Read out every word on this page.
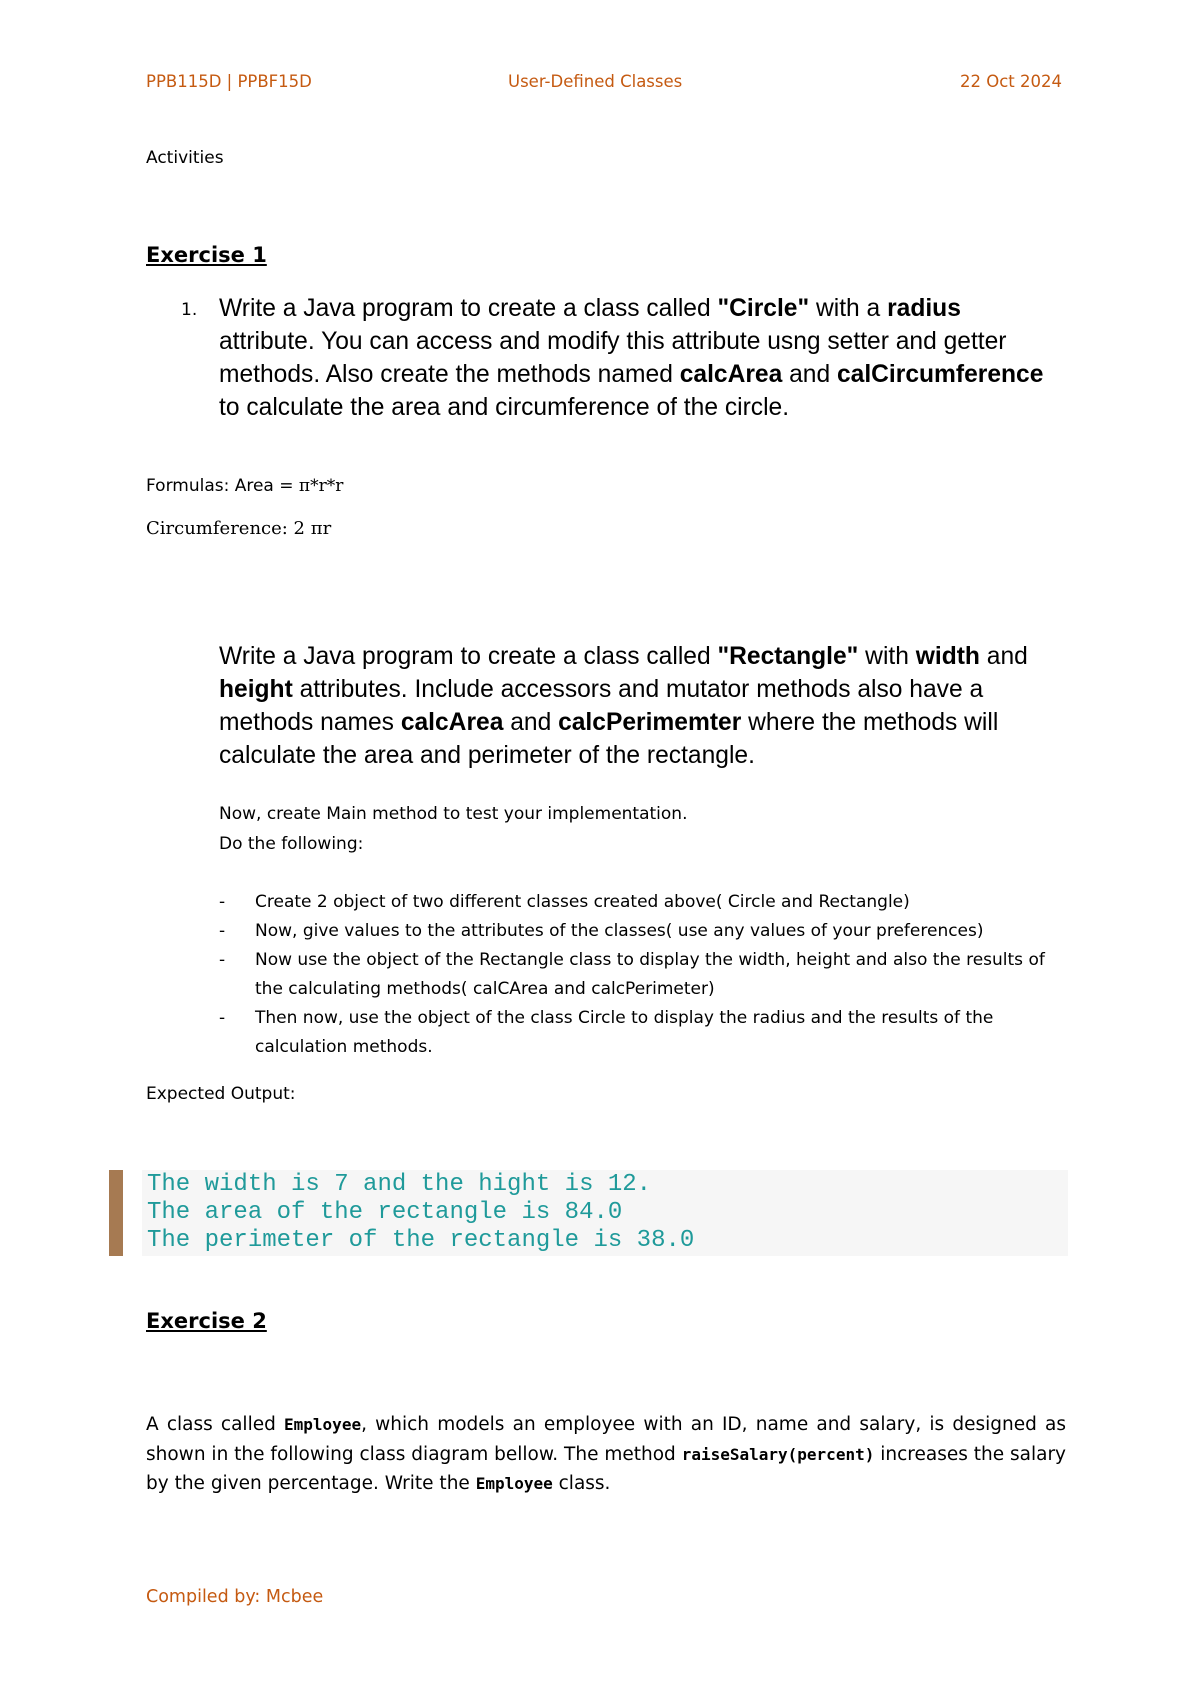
PPB115D | PPBF15D	User-Defined Classes	22 Oct 2024
Activities
Exercise 1
1. Write a Java program to create a class called "Circle" with a radius attribute. You can access and modify this attribute usng setter and getter methods. Also create the methods named calcArea and calCircumference to calculate the area and circumference of the circle.
Formulas: Area = π*r*r
Circumference: 2 πr
Write a Java program to create a class called "Rectangle" with width and height attributes. Include accessors and mutator methods also have a methods names calcArea and calcPerimemter where the methods will calculate the area and perimeter of the rectangle.
Now, create Main method to test your implementation.
Do the following:
- Create 2 object of two different classes created above( Circle and Rectangle)
- Now, give values to the attributes of the classes( use any values of your preferences)
- Now use the object of the Rectangle class to display the width, height and also the results of the calculating methods( calCArea and calcPerimeter)
- Then now, use the object of the class Circle to display the radius and the results of the calculation methods.
Expected Output:
The width is 7 and the hight is 12.
The area of the rectangle is 84.0
The perimeter of the rectangle is 38.0
Exercise 2
A class called Employee, which models an employee with an ID, name and salary, is designed as shown in the following class diagram bellow. The method raiseSalary(percent) increases the salary by the given percentage. Write the Employee class.
Compiled by: Mcbee
